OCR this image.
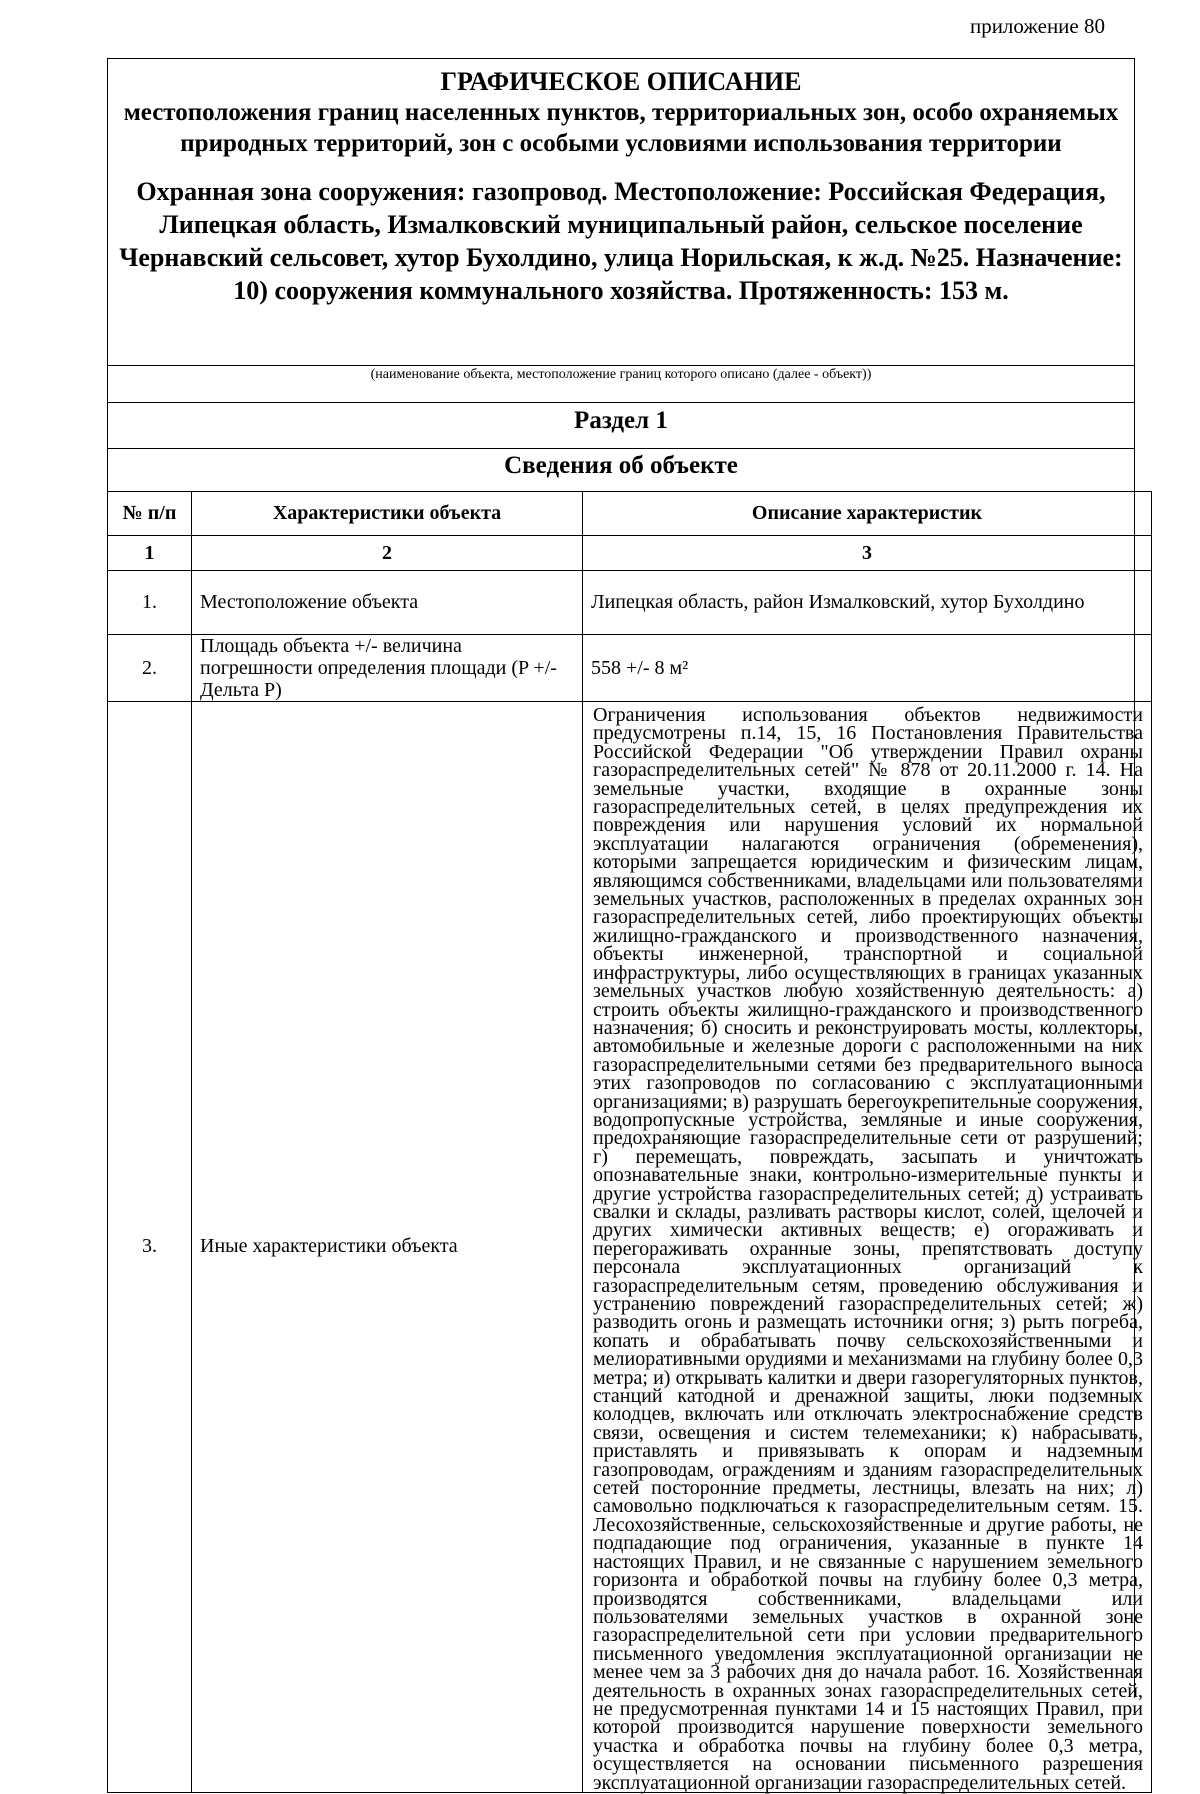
приложение 80
ГРАФИЧЕСКОЕ ОПИСАНИЕ
местоположения границ населенных пунктов, территориальных зон, особо охраняемых природных территорий, зон с особыми условиями использования территории
Охранная зона сооружения: газопровод. Местоположение: Российская Федерация, Липецкая область, Измалковский муниципальный район, сельское поселение Чернавский сельсовет, хутор Бухолдино, улица Норильская, к ж.д. №25. Назначение: 10) сооружения коммунального хозяйства. Протяженность: 153 м.
(наименование объекта, местоположение границ которого описано (далее - объект))
Раздел 1
Сведения об объекте
№ п/п	Характеристики объекта	Описание характеристик
1	2	3
1.	Местоположение объекта	Липецкая область, район Измалковский, хутор Бухолдино
2.	Площадь объекта +/- величина погрешности определения площади (P +/- Дельта P)	558 +/- 8 м²
3.	Иные характеристики объекта	Ограничения использования объектов недвижимости предусмотрены п.14, 15, 16 Постановления Правительства Российской Федерации "Об утверждении Правил охраны газораспределительных сетей" № 878 от 20.11.2000 г. 14. На земельные участки, входящие в охранные зоны газораспределительных сетей, в целях предупреждения их повреждения или нарушения условий их нормальной эксплуатации налагаются ограничения (обременения), которыми запрещается юридическим и физическим лицам, являющимся собственниками, владельцами или пользователями земельных участков, расположенных в пределах охранных зон газораспределительных сетей, либо проектирующих объекты жилищно-гражданского и производственного назначения, объекты инженерной, транспортной и социальной инфраструктуры, либо осуществляющих в границах указанных земельных участков любую хозяйственную деятельность: а) строить объекты жилищно-гражданского и производственного назначения; б) сносить и реконструировать мосты, коллекторы, автомобильные и железные дороги с расположенными на них газораспределительными сетями без предварительного выноса этих газопроводов по согласованию с эксплуатационными организациями; в) разрушать берегоукрепительные сооружения, водопропускные устройства, земляные и иные сооружения, предохраняющие газораспределительные сети от разрушений; г) перемещать, повреждать, засыпать и уничтожать опознавательные знаки, контрольно-измерительные пункты и другие устройства газораспределительных сетей; д) устраивать свалки и склады, разливать растворы кислот, солей, щелочей и других химически активных веществ; е) огораживать и перегораживать охранные зоны, препятствовать доступу персонала эксплуатационных организаций к газораспределительным сетям, проведению обслуживания и устранению повреждений газораспределительных сетей; ж) разводить огонь и размещать источники огня; з) рыть погреба, копать и обрабатывать почву сельскохозяйственными и мелиоративными орудиями и механизмами на глубину более 0,3 метра; и) открывать калитки и двери газорегуляторных пунктов, станций катодной и дренажной защиты, люки подземных колодцев, включать или отключать электроснабжение средств связи, освещения и систем телемеханики; к) набрасывать, приставлять и привязывать к опорам и надземным газопроводам, ограждениям и зданиям газораспределительных сетей посторонние предметы, лестницы, влезать на них; л) самовольно подключаться к газораспределительным сетям. 15. Лесохозяйственные, сельскохозяйственные и другие работы, не подпадающие под ограничения, указанные в пункте 14 настоящих Правил, и не связанные с нарушением земельного горизонта и обработкой почвы на глубину более 0,3 метра, производятся собственниками, владельцами или пользователями земельных участков в охранной зоне газораспределительной сети при условии предварительного письменного уведомления эксплуатационной организации не менее чем за 3 рабочих дня до начала работ. 16. Хозяйственная деятельность в охранных зонах газораспределительных сетей, не предусмотренная пунктами 14 и 15 настоящих Правил, при которой производится нарушение поверхности земельного участка и обработка почвы на глубину более 0,3 метра, осуществляется на основании письменного разрешения эксплуатационной организации газораспределительных сетей.
